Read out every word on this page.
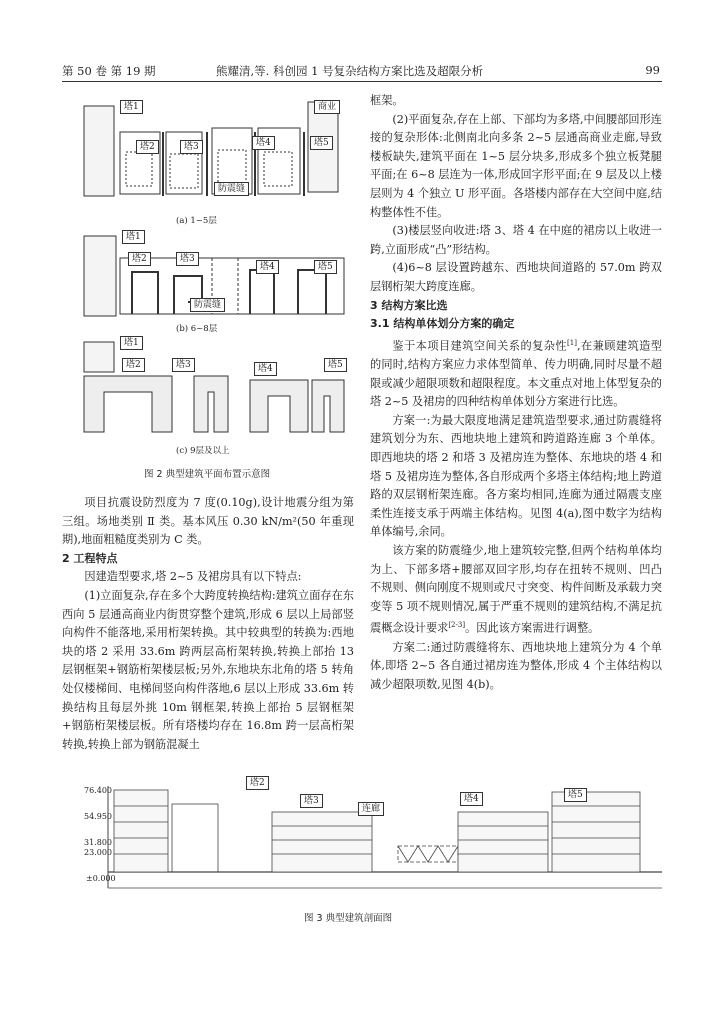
第 50 卷 第 19 期	熊耀清,等. 科创园 1 号复杂结构方案比选及超限分析	99
塔1	商业
塔2	塔3	塔4	塔5
防震缝
(a) 1~5层
塔1
塔2	塔3
塔4	塔5
防震缝
(b) 6~8层
塔1
塔2	塔3	塔4	塔5
(c) 9层及以上
图 2 典型建筑平面布置示意图

项目抗震设防烈度为 7 度(0.10g),设计地震分组为第三组。场地类别 Ⅱ 类。基本风压 0.30 kN/m²(50 年重现期),地面粗糙度类别为 C 类。

2 工程特点

因建造型要求,塔 2~5 及裙房具有以下特点:

(1)立面复杂,存在多个大跨度转换结构:建筑立面存在东西向 5 层通高商业内街贯穿整个建筑,形成 6 层以上局部竖向构件不能落地,采用桁架转换。其中较典型的转换为:西地块的塔 2 采用 33.6m 跨两层高桁架转换,转换上部抬 13 层钢框架+钢筋桁架楼层板;另外,东地块东北角的塔 5 转角处仅楼梯间、电梯间竖向构件落地,6 层以上形成 33.6m 转换结构且每层外挑 10m 钢框架,转换上部抬 5 层钢框架+钢筋桁架楼层板。所有塔楼均存在 16.8m 跨一层高桁架转换,转换上部为钢筋混凝土

框架。

(2)平面复杂,存在上部、下部均为多塔,中间腰部回形连接的复杂形体:北侧南北向多条 2~5 层通高商业走廊,导致楼板缺失,建筑平面在 1~5 层分块多,形成多个独立板凳腿平面;在 6~8 层连为一体,形成回字形平面;在 9 层及以上楼层则为 4 个独立 U 形平面。各塔楼内部存在大空间中庭,结构整体性不佳。

(3)楼层竖向收进:塔 3、塔 4 在中庭的裙房以上收进一跨,立面形成“凸”形结构。

(4)6~8 层设置跨越东、西地块间道路的 57.0m 跨双层钢桁架大跨度连廊。

3 结构方案比选

3.1 结构单体划分方案的确定

鉴于本项目建筑空间关系的复杂性[1],在兼顾建筑造型的同时,结构方案应力求体型简单、传力明确,同时尽量不超限或减少超限项数和超限程度。本文重点对地上体型复杂的塔 2~5 及裙房的四种结构单体划分方案进行比选。

方案一:为最大限度地满足建筑造型要求,通过防震缝将建筑划分为东、西地块地上建筑和跨道路连廊 3 个单体。即西地块的塔 2 和塔 3 及裙房连为整体、东地块的塔 4 和塔 5 及裙房连为整体,各自形成两个多塔主体结构;地上跨道路的双层钢桁架连廊。各方案均相同,连廊为通过隔震支座柔性连接支承于两端主体结构。见图 4(a),图中数字为结构单体编号,余同。

该方案的防震缝少,地上建筑较完整,但两个结构单体均为上、下部多塔+腰部双回字形,均存在扭转不规则、凹凸不规则、侧向刚度不规则或尺寸突变、构件间断及承载力突变等 5 项不规则情况,属于严重不规则的建筑结构,不满足抗震概念设计要求[2-3]。因此该方案需进行调整。

方案二:通过防震缝将东、西地块地上建筑分为 4 个单体,即塔 2~5 各自通过裙房连为整体,形成 4 个主体结构以减少超限项数,见图 4(b)。

76.400
54.950
31.800
23.000
±0.000
塔2
塔3
连廊
塔4	塔5
图 3 典型建筑剖面图
